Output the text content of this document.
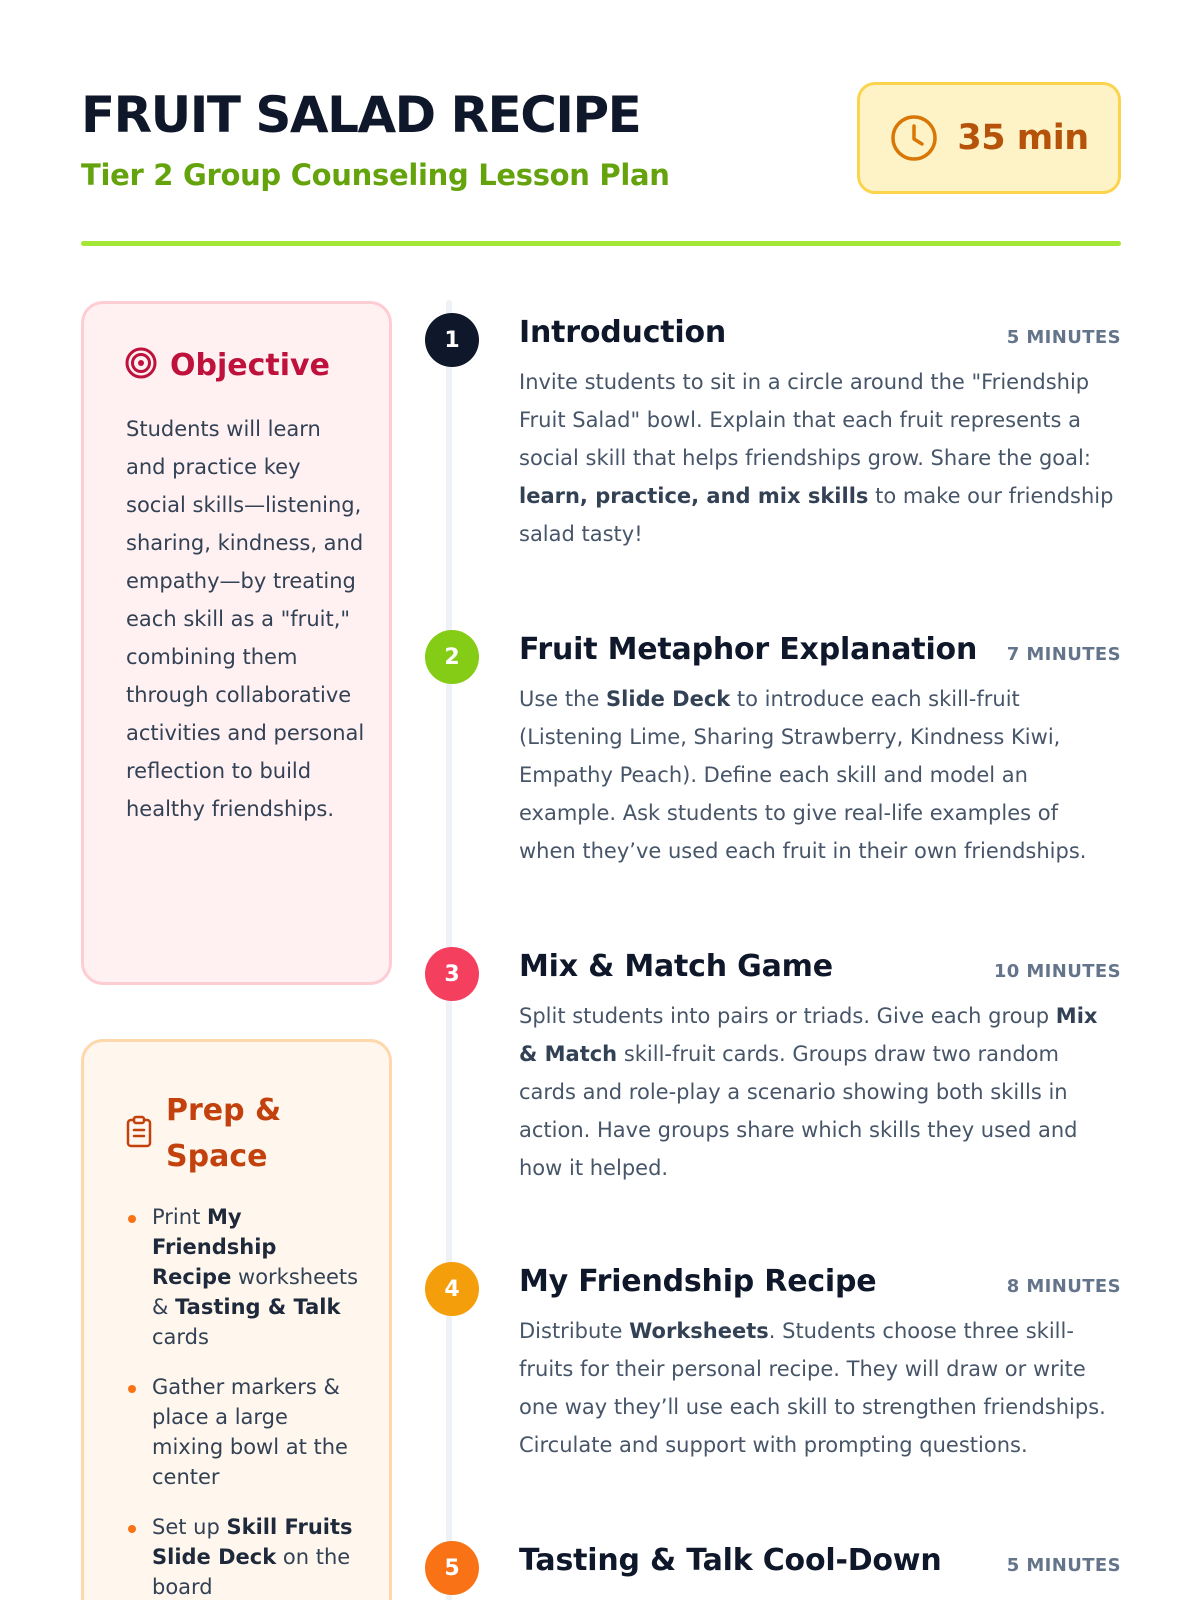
FRUIT SALAD RECIPE
Tier 2 Group Counseling Lesson Plan
35 min
Objective

Students will learn and practice key social skills—listening, sharing, kindness, and empathy—by treating each skill as a "fruit," combining them through collaborative activities and personal reflection to build healthy friendships.

Prep & Space
Print My Friendship Recipe worksheets & Tasting & Talk cards
Gather markers & place a large mixing bowl at the center
Set up Skill Fruits Slide Deck on the board
1	Introduction	5 MINUTES

Invite students to sit in a circle around the "Friendship Fruit Salad" bowl. Explain that each fruit represents a social skill that helps friendships grow. Share the goal: learn, practice, and mix skills to make our friendship salad tasty!

2	Fruit Metaphor Explanation 7 MINUTES

Use the Slide Deck to introduce each skill-fruit (Listening Lime, Sharing Strawberry, Kindness Kiwi, Empathy Peach). Define each skill and model an example. Ask students to give real-life examples of when they’ve used each fruit in their own friendships.

3	Mix & Match Game	10 MINUTES

Split students into pairs or triads. Give each group Mix & Match skill-fruit cards. Groups draw two random cards and role-play a scenario showing both skills in action. Have groups share which skills they used and how it helped.

4	My Friendship Recipe	8 MINUTES

Distribute Worksheets. Students choose three skill-fruits for their personal recipe. They will draw or write one way they’ll use each skill to strengthen friendships. Circulate and support with prompting questions.

5	Tasting & Talk Cool-Down	5 MINUTES
